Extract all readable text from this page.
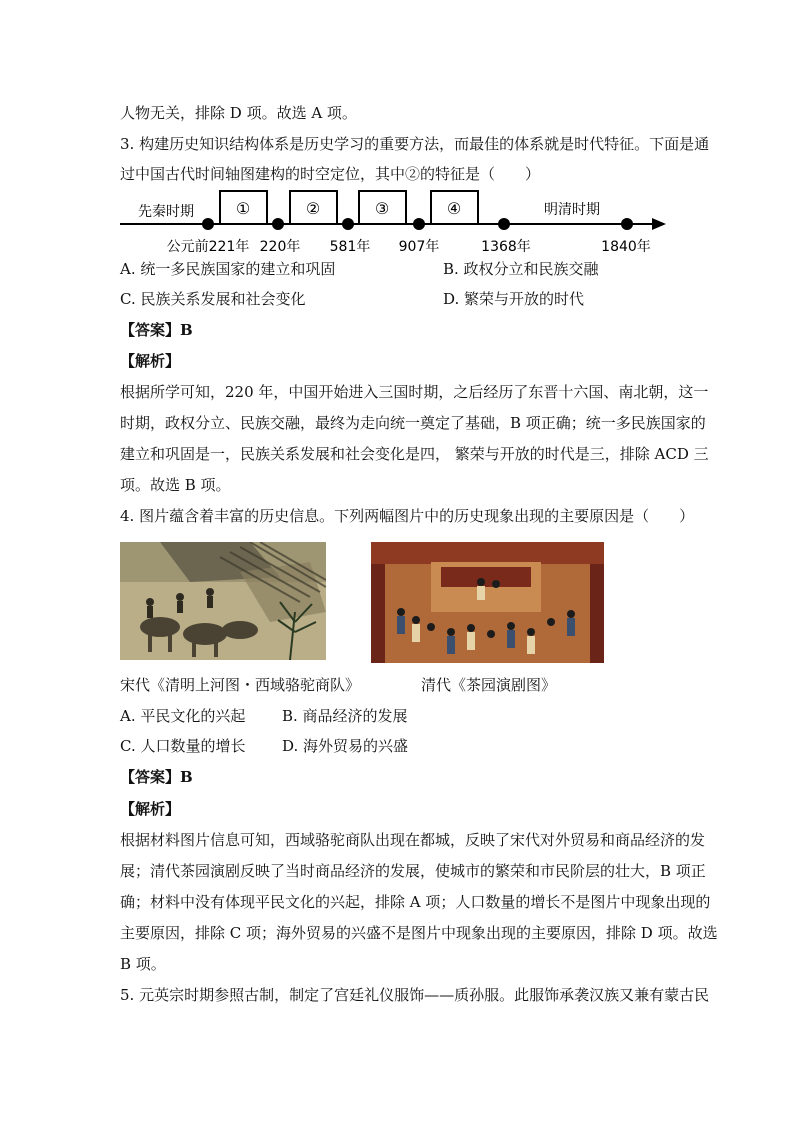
人物无关，排除 D 项。故选 A 项。
3. 构建历史知识结构体系是历史学习的重要方法，而最佳的体系就是时代特征。下面是通
过中国古代时间轴图建构的时空定位，其中②的特征是（　　）
先秦时期	明清时期
①	②	③	④
公元前221年 220年 581年 907年	1368年	1840年
A. 统一多民族国家的建立和巩固	B. 政权分立和民族交融
C. 民族关系发展和社会变化	D. 繁荣与开放的时代
【答案】B
【解析】
根据所学可知，220 年，中国开始进入三国时期，之后经历了东晋十六国、南北朝，这一
时期，政权分立、民族交融，最终为走向统一奠定了基础，B 项正确；统一多民族国家的
建立和巩固是一，民族关系发展和社会变化是四， 繁荣与开放的时代是三，排除 ACD 三
项。故选 B 项。
4. 图片蕴含着丰富的历史信息。下列两幅图片中的历史现象出现的主要原因是（　　）
宋代《清明上河图・西域骆驼商队》	清代《茶园演剧图》
A. 平民文化的兴起 B. 商品经济的发展
C. 人口数量的增长 D. 海外贸易的兴盛
【答案】B
【解析】
根据材料图片信息可知，西域骆驼商队出现在都城，反映了宋代对外贸易和商品经济的发
展；清代茶园演剧反映了当时商品经济的发展，使城市的繁荣和市民阶层的壮大，B 项正
确；材料中没有体现平民文化的兴起，排除 A 项；人口数量的增长不是图片中现象出现的
主要原因，排除 C 项；海外贸易的兴盛不是图片中现象出现的主要原因，排除 D 项。故选
B 项。
5. 元英宗时期参照古制，制定了宫廷礼仪服饰——质孙服。此服饰承袭汉族又兼有蒙古民
